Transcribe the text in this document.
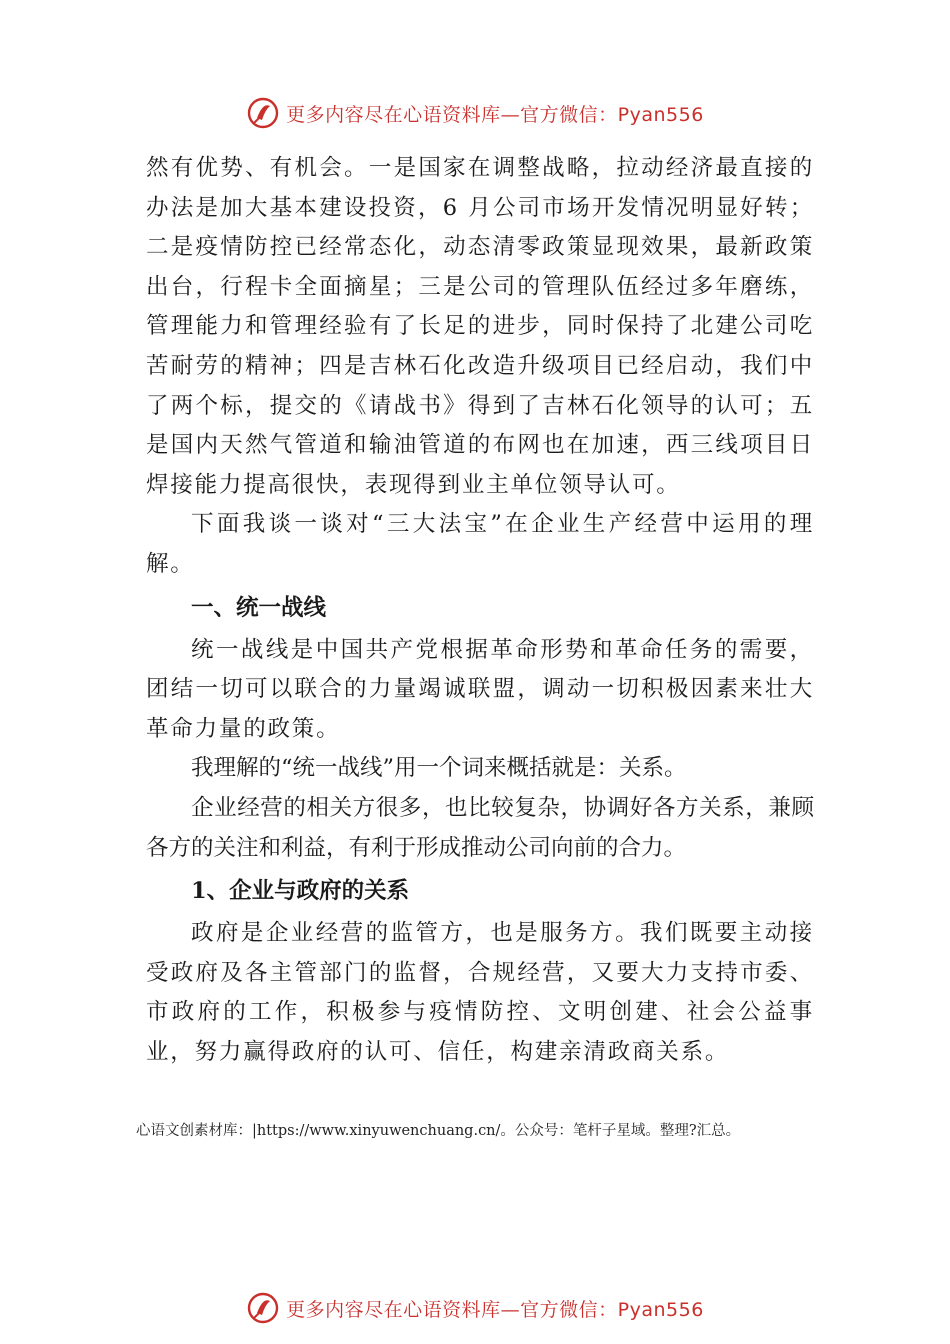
更多内容尽在心语资料库—官方微信：Pyan556

然有优势、有机会。一是国家在调整战略，拉动经济最直接的办法是加大基本建设投资，6 月公司市场开发情况明显好转；二是疫情防控已经常态化，动态清零政策显现效果，最新政策出台，行程卡全面摘星；三是公司的管理队伍经过多年磨练，管理能力和管理经验有了长足的进步，同时保持了北建公司吃苦耐劳的精神；四是吉林石化改造升级项目已经启动，我们中了两个标，提交的《请战书》得到了吉林石化领导的认可；五是国内天然气管道和输油管道的布网也在加速，西三线项目日焊接能力提高很快，表现得到业主单位领导认可。

下面我谈一谈对“三大法宝”在企业生产经营中运用的理解。

一、统一战线

统一战线是中国共产党根据革命形势和革命任务的需要，团结一切可以联合的力量竭诚联盟，调动一切积极因素来壮大革命力量的政策。

我理解的“统一战线”用一个词来概括就是：关系。

企业经营的相关方很多，也比较复杂，协调好各方关系，兼顾各方的关注和利益，有利于形成推动公司向前的合力。

1、企业与政府的关系

政府是企业经营的监管方，也是服务方。我们既要主动接受政府及各主管部门的监督，合规经营，又要大力支持市委、市政府的工作，积极参与疫情防控、文明创建、社会公益事业，努力赢得政府的认可、信任，构建亲清政商关系。

心语文创素材库：|https://www.xinyuwenchuang.cn/。公众号：笔杆子星域。整理?汇总。
更多内容尽在心语资料库—官方微信：Pyan556
